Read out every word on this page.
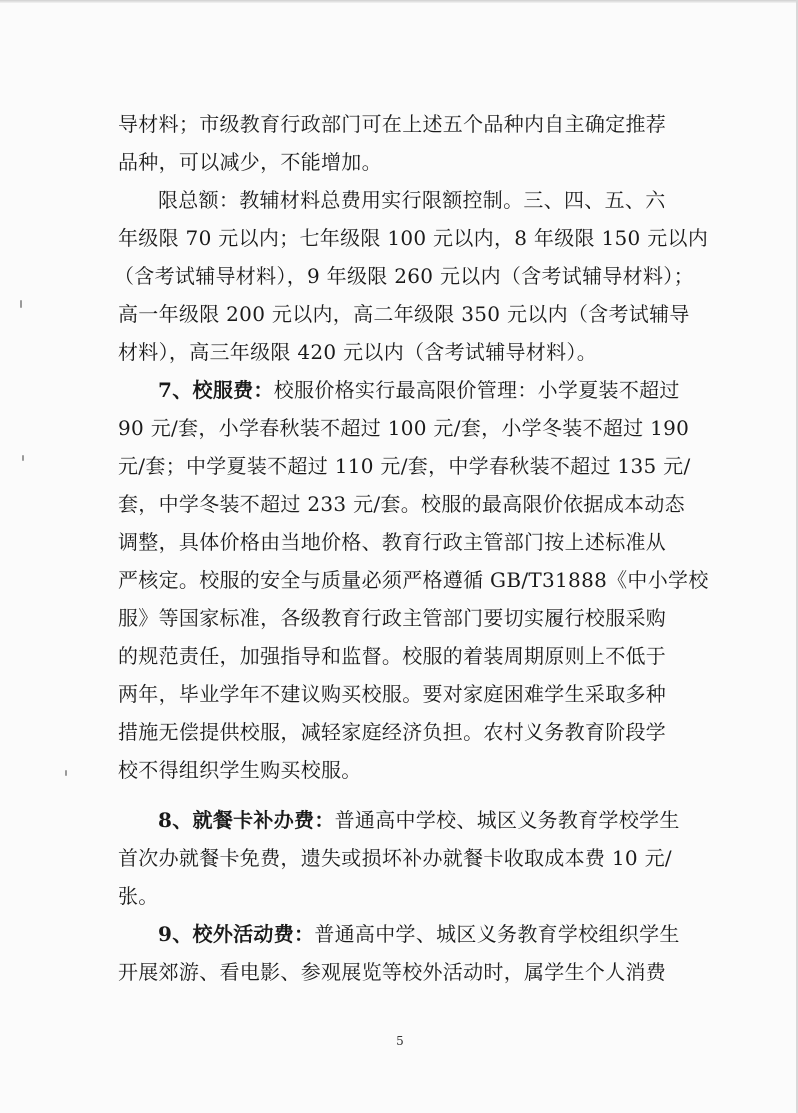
导材料；市级教育行政部门可在上述五个品种内自主确定推荐
品种，可以减少，不能增加。
限总额：教辅材料总费用实行限额控制。三、四、五、六
年级限 70 元以内；七年级限 100 元以内，8 年级限 150 元以内
（含考试辅导材料），9 年级限 260 元以内（含考试辅导材料）；
高一年级限 200 元以内，高二年级限 350 元以内（含考试辅导
材料），高三年级限 420 元以内（含考试辅导材料）。
7、校服费：校服价格实行最高限价管理：小学夏装不超过
90 元/套，小学春秋装不超过 100 元/套，小学冬装不超过 190
元/套；中学夏装不超过 110 元/套，中学春秋装不超过 135 元/
套，中学冬装不超过 233 元/套。校服的最高限价依据成本动态
调整，具体价格由当地价格、教育行政主管部门按上述标准从
严核定。校服的安全与质量必须严格遵循 GB/T31888《中小学校
服》等国家标准，各级教育行政主管部门要切实履行校服采购
的规范责任，加强指导和监督。校服的着装周期原则上不低于
两年，毕业学年不建议购买校服。要对家庭困难学生采取多种
措施无偿提供校服，减轻家庭经济负担。农村义务教育阶段学
校不得组织学生购买校服。
8、就餐卡补办费：普通高中学校、城区义务教育学校学生
首次办就餐卡免费，遗失或损坏补办就餐卡收取成本费 10 元/
张。
9、校外活动费：普通高中学、城区义务教育学校组织学生
开展郊游、看电影、参观展览等校外活动时，属学生个人消费
5
